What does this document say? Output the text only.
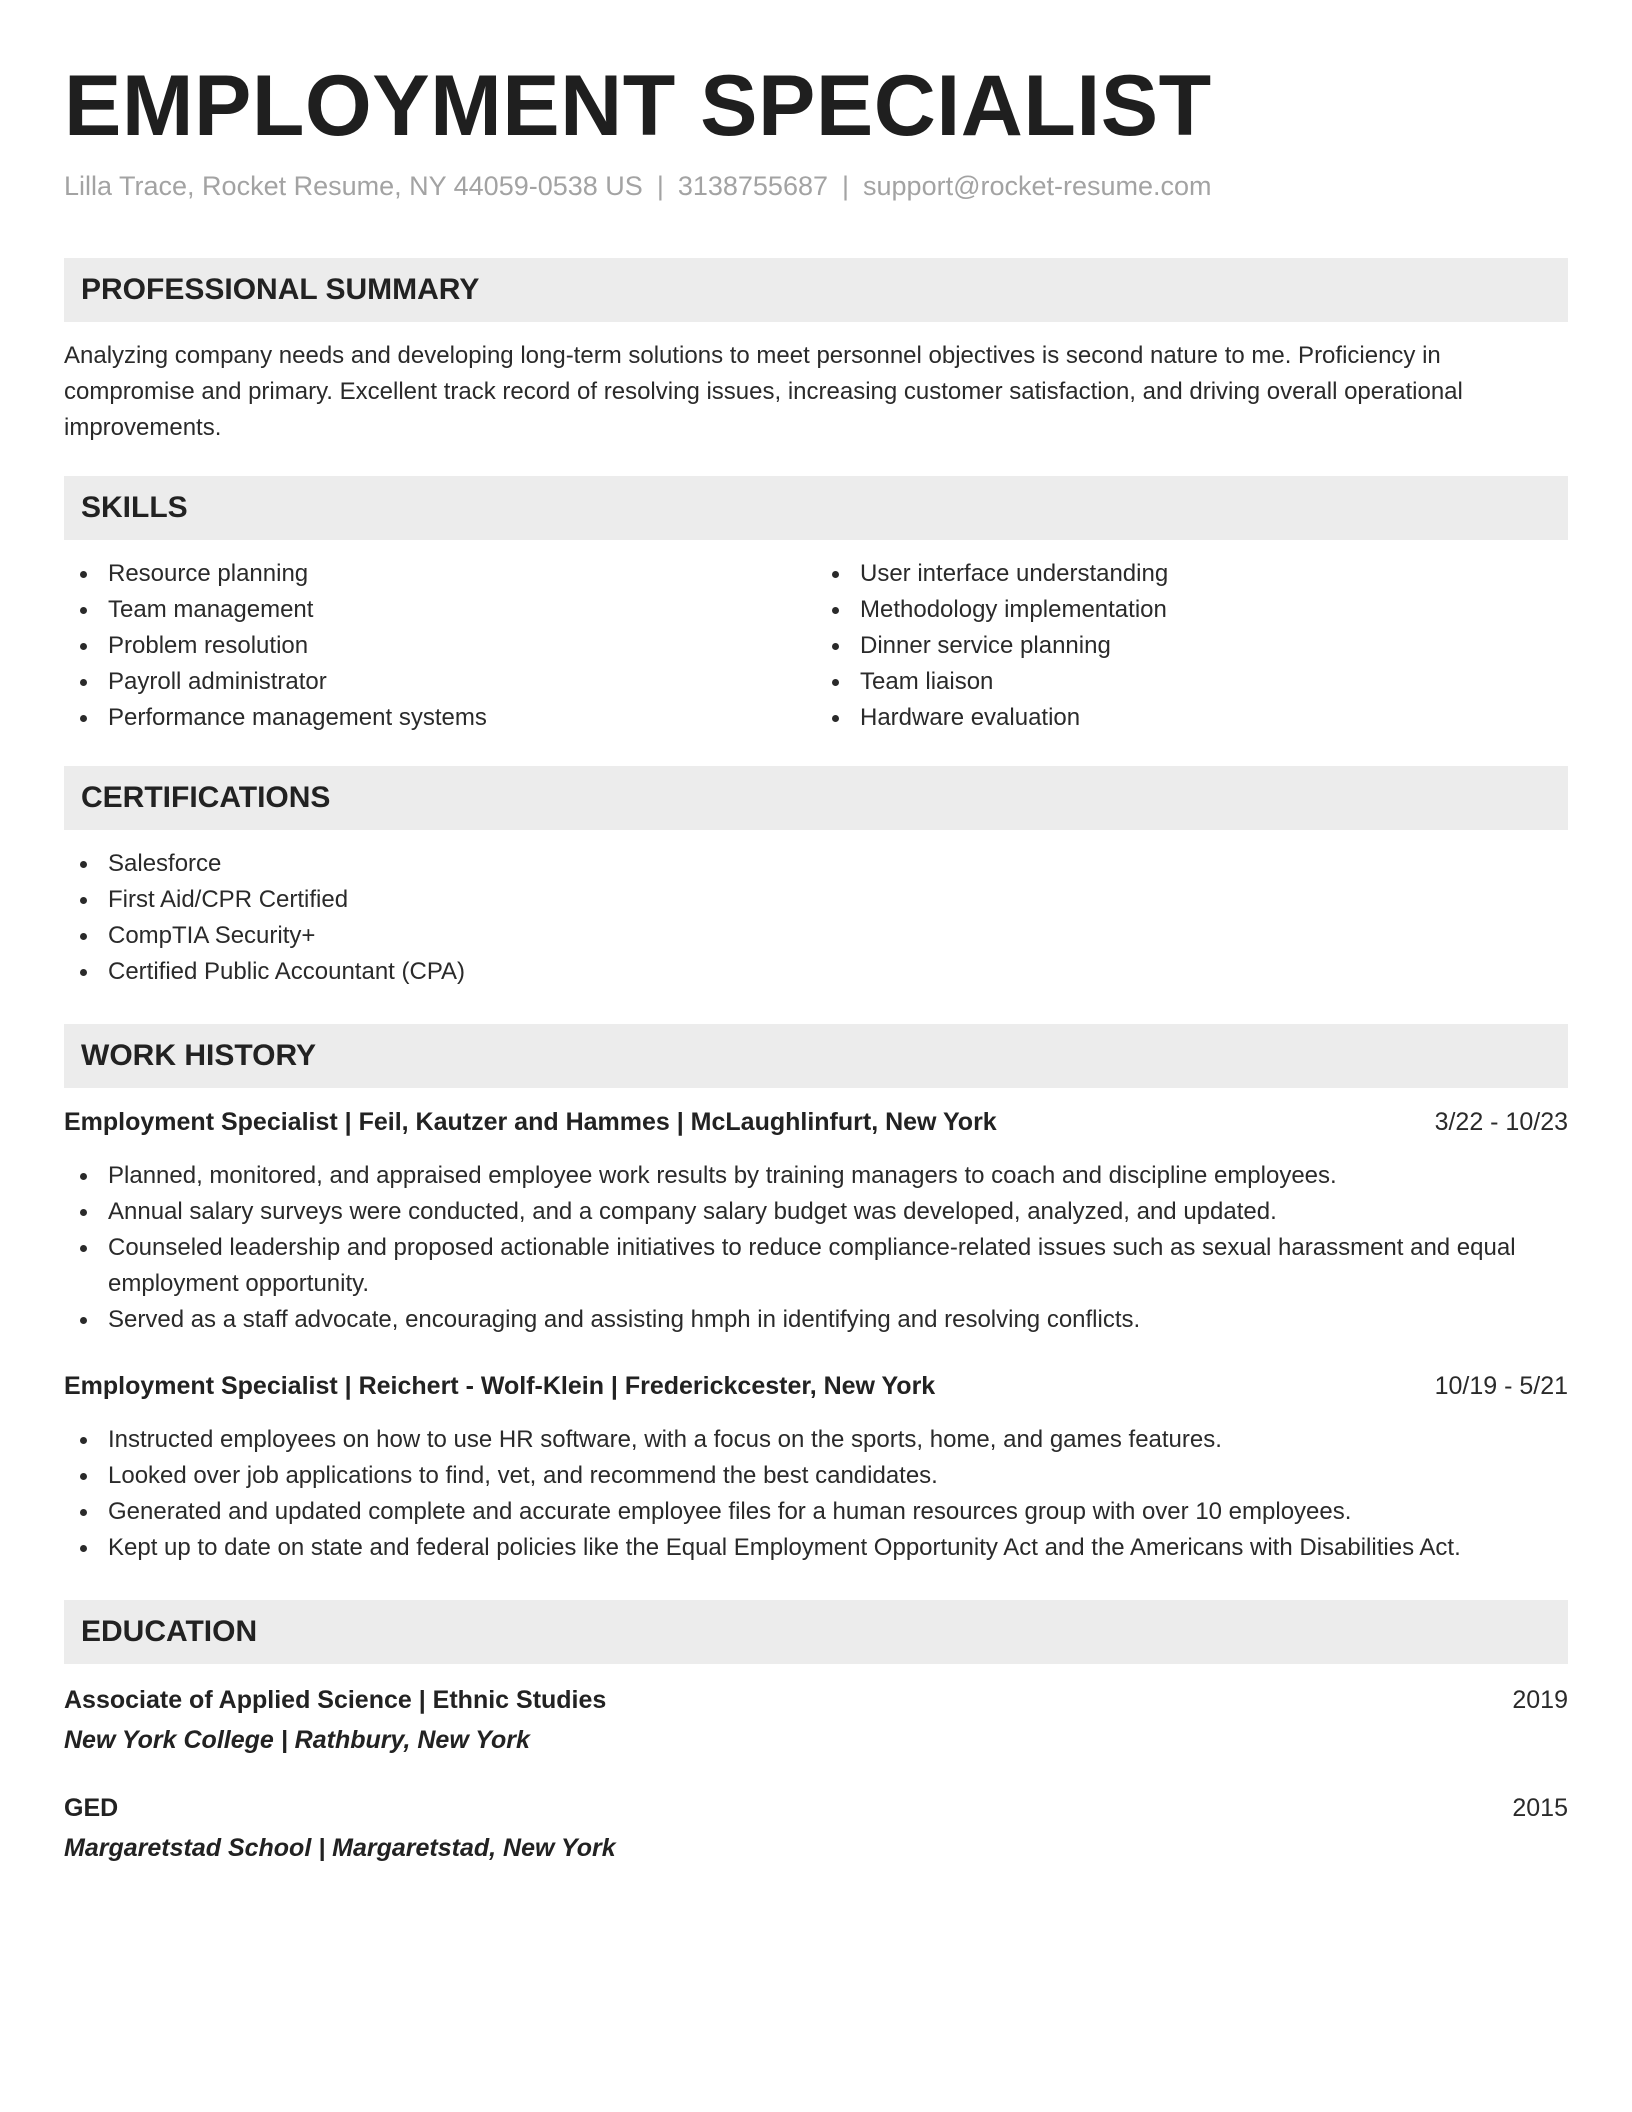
EMPLOYMENT SPECIALIST
Lilla Trace, Rocket Resume, NY 44059-0538 US | 3138755687 | support@rocket-resume.com
PROFESSIONAL SUMMARY

Analyzing company needs and developing long-term solutions to meet personnel objectives is second nature to me. Proficiency in compromise and primary. Excellent track record of resolving issues, increasing customer satisfaction, and driving overall operational improvements.

SKILLS
Resource planning
Team management
Problem resolution
Payroll administrator
Performance management systems
User interface understanding
Methodology implementation
Dinner service planning
Team liaison
Hardware evaluation
CERTIFICATIONS
Salesforce
First Aid/CPR Certified
CompTIA Security+
Certified Public Accountant (CPA)
WORK HISTORY
Employment Specialist | Feil, Kautzer and Hammes | McLaughlinfurt, New York	3/22 - 10/23
Planned, monitored, and appraised employee work results by training managers to coach and discipline employees.
Annual salary surveys were conducted, and a company salary budget was developed, analyzed, and updated.
Counseled leadership and proposed actionable initiatives to reduce compliance-related issues such as sexual harassment and equal employment opportunity.
Served as a staff advocate, encouraging and assisting hmph in identifying and resolving conflicts.
Employment Specialist | Reichert - Wolf-Klein | Frederickcester, New York	10/19 - 5/21
Instructed employees on how to use HR software, with a focus on the sports, home, and games features.
Looked over job applications to find, vet, and recommend the best candidates.
Generated and updated complete and accurate employee files for a human resources group with over 10 employees.
Kept up to date on state and federal policies like the Equal Employment Opportunity Act and the Americans with Disabilities Act.
EDUCATION
Associate of Applied Science | Ethnic Studies	2019
New York College | Rathbury, New York
GED	2015
Margaretstad School | Margaretstad, New York
